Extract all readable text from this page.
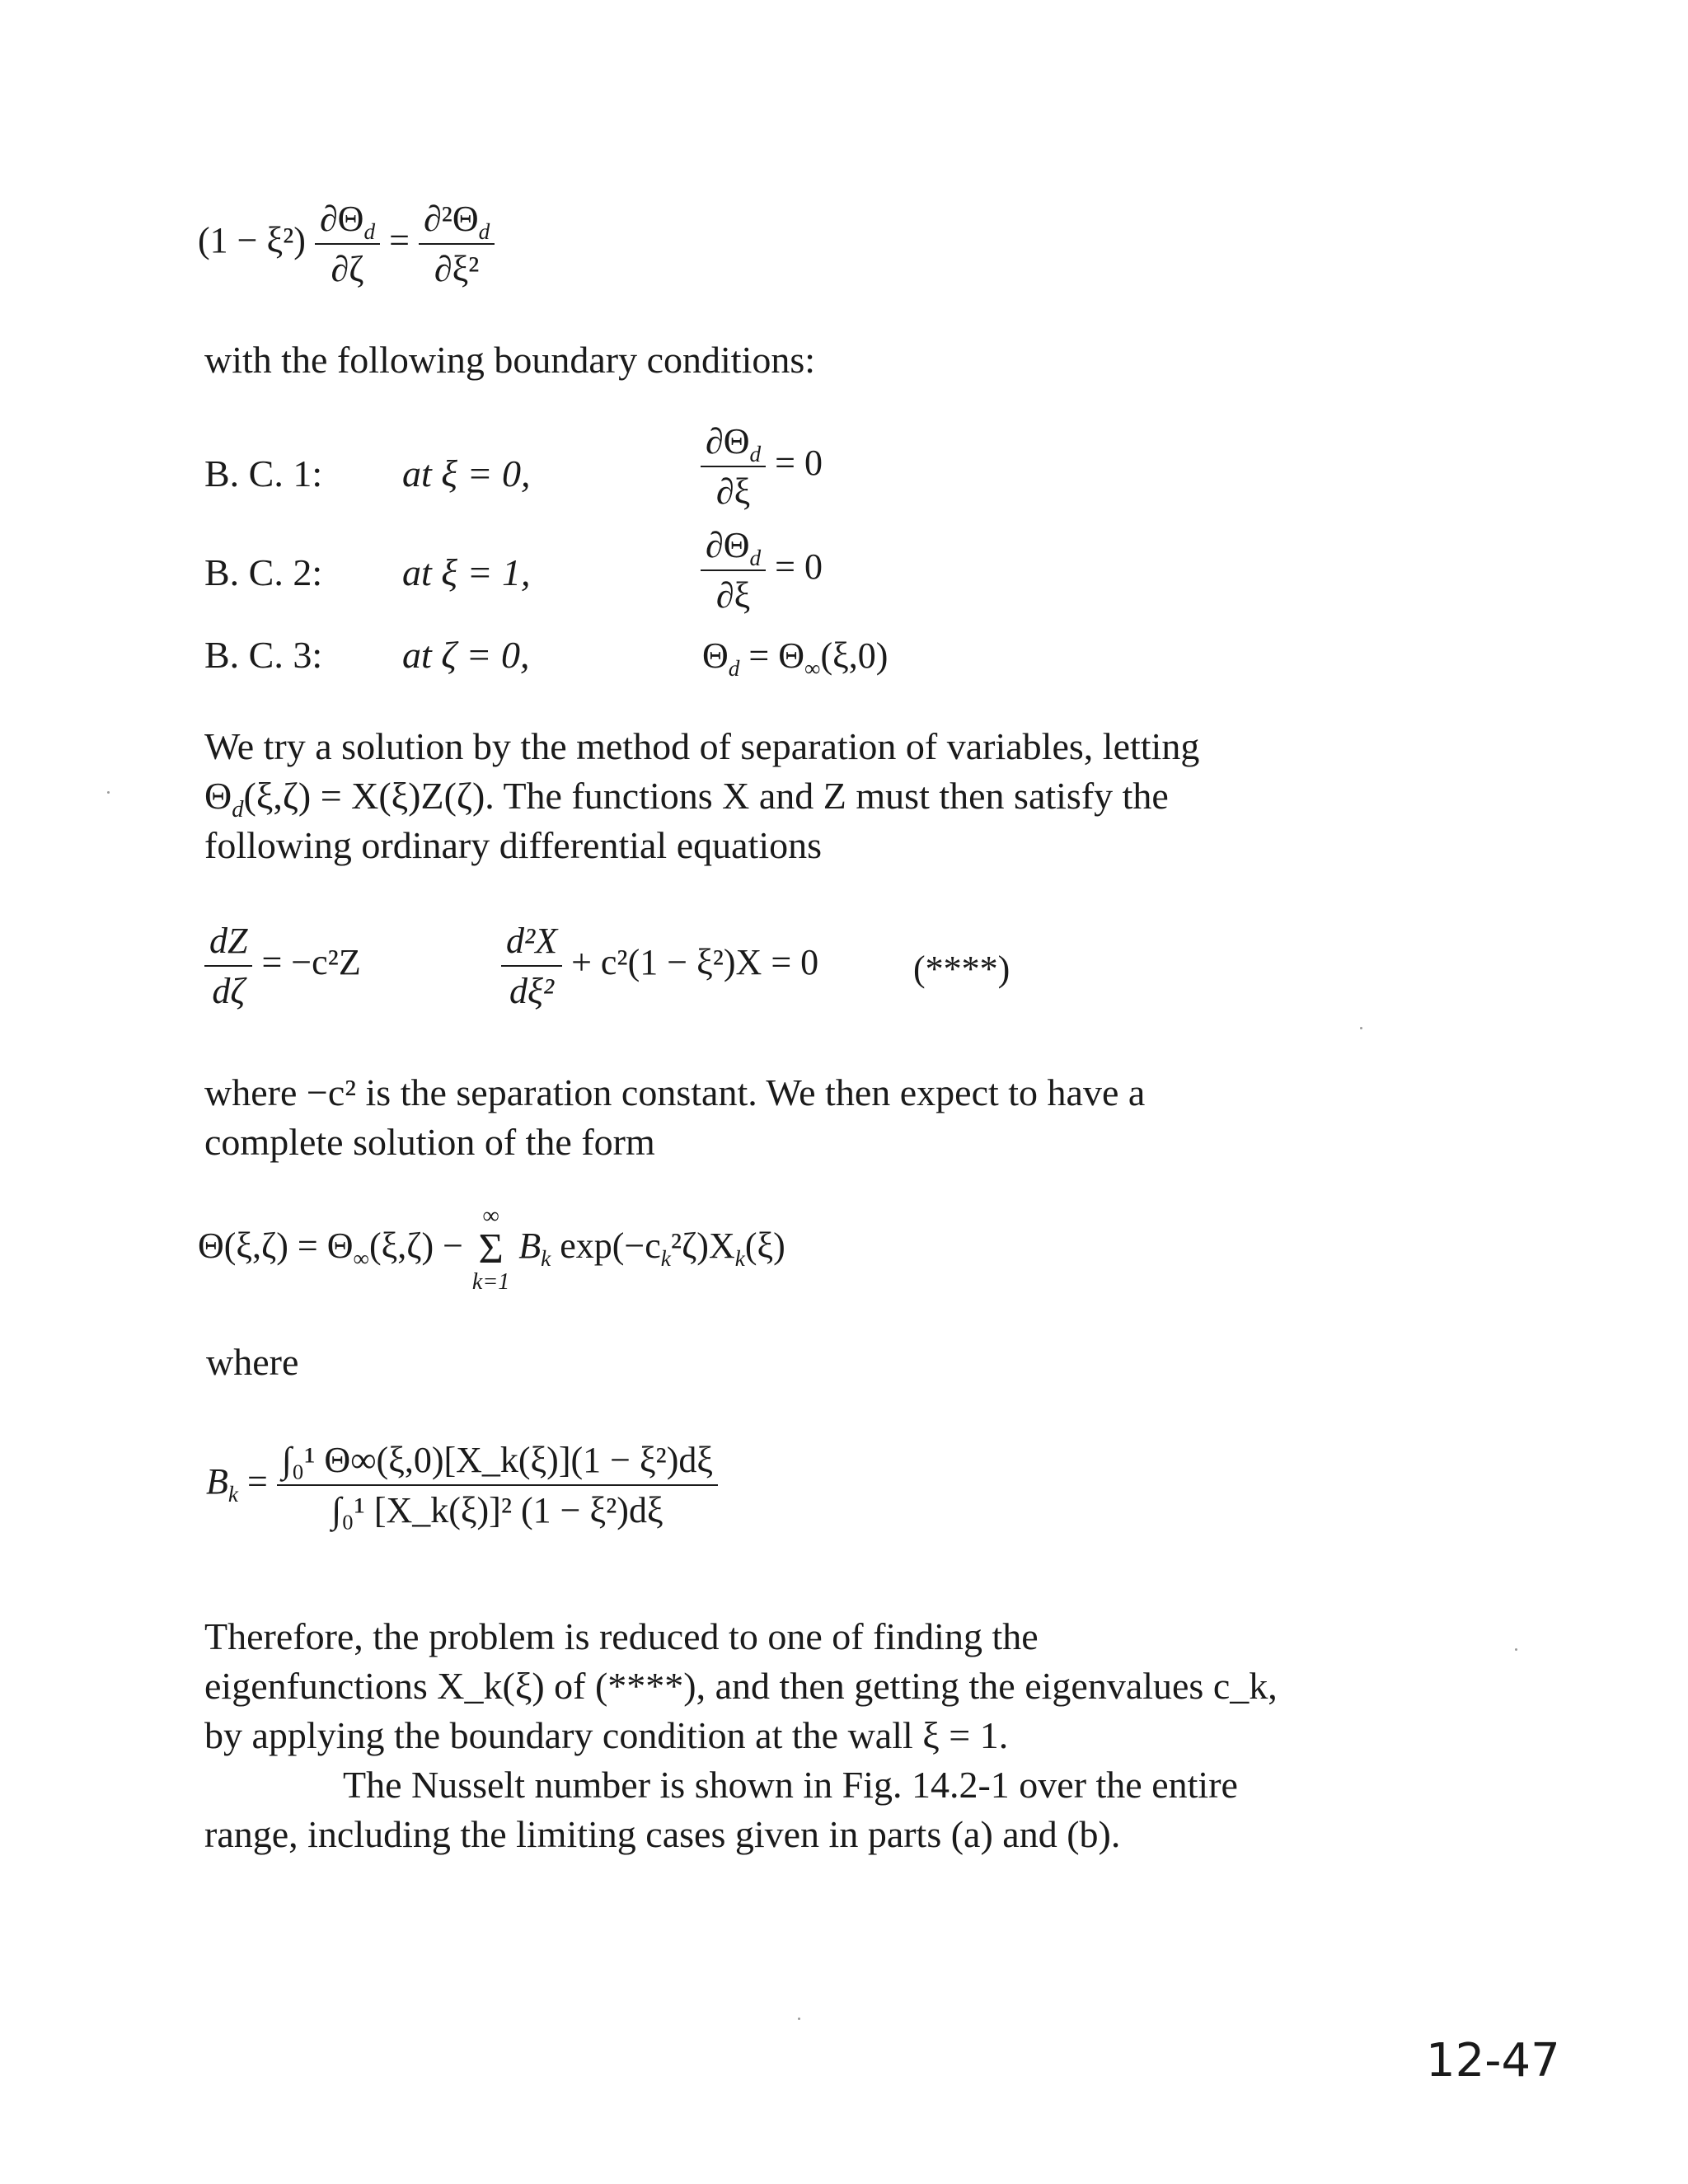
$(1 - \xi^2) \frac{\partial\Theta_d}{\partial\zeta} = \frac{\partial^2\Theta_d}{\text{∂ξ²}}$
with the following boundary conditions:
B. C. 1: at ξ = 0,	$\frac{\partial\Theta_d}{\partial\xi} = 0$
B. C. 2: at ξ = 1,	$\frac{\partial\Theta_d}{\partial\xi} = 0$
B. C. 3: at ζ = 0,	$\Theta_d = \Theta_\infty(\xi,0)$
We try a solution by the method of separation of variables, letting
$\Theta_d(\xi,\zeta) = X(\xi)Z(\zeta)$. The functions X and Z must then satisfy the
following ordinary differential equations
$\frac{dZ}{d\zeta} = -c^2Z$	$\frac{\text{d²X}}{\text{dξ²}} + c^2(1 - \xi^2)X = 0$	(****)
where −c² is the separation constant. We then expect to have a
complete solution of the form
$\Theta(\xi,\zeta) = \Theta_\infty(\xi,\zeta)$ −
∞
Σ
k=1
$B_k$ $\exp(-c_k^2\zeta)X_k(\xi)$
where
$B_k = \frac{\text{∫₀¹ Θ∞(ξ,0)[X\_k(ξ)](1 − ξ²)dξ}}{\text{∫₀¹ [X\_k(ξ)]² (1 − ξ²)dξ}}$
Therefore, the problem is reduced to one of finding the
eigenfunctions X_k(ξ) of (****), and then getting the eigenvalues c_k,
by applying the boundary condition at the wall ξ = 1.
The Nusselt number is shown in Fig. 14.2-1 over the entire
range, including the limiting cases given in parts (a) and (b).
12-47
